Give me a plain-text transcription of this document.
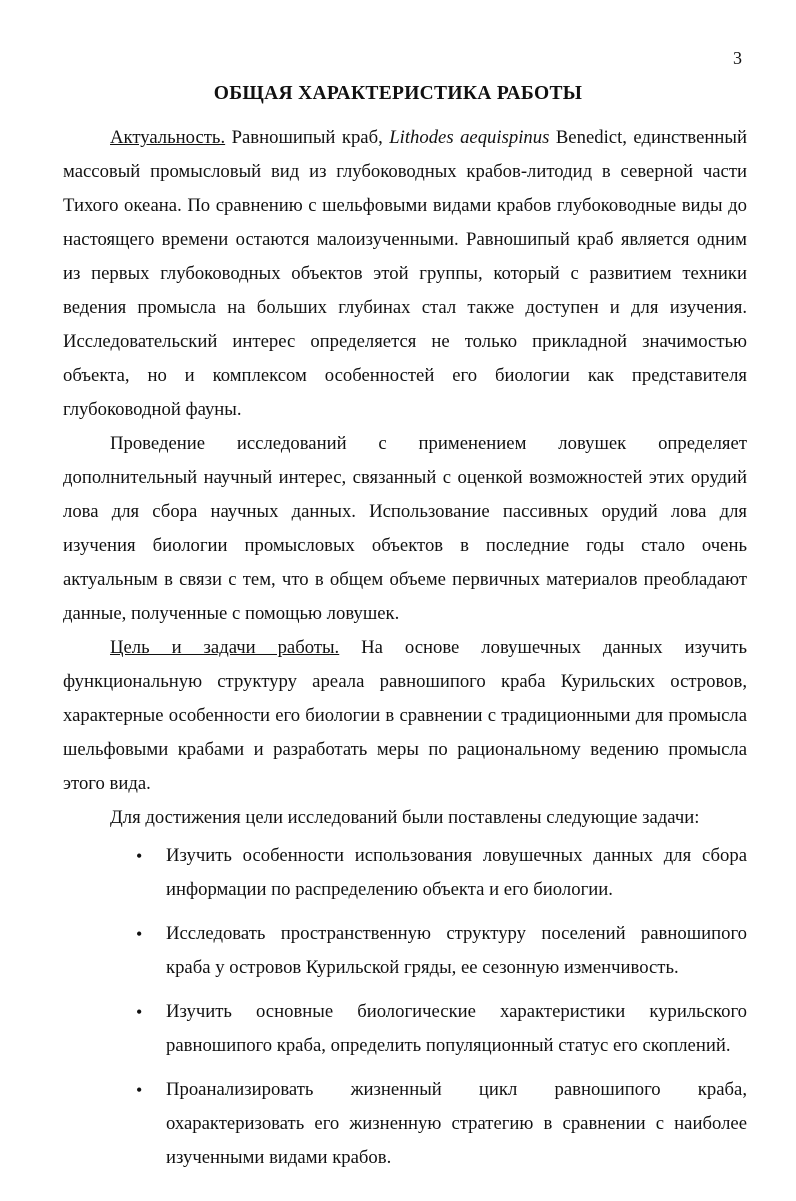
3
ОБЩАЯ ХАРАКТЕРИСТИКА РАБОТЫ

Актуальность. Равношипый краб, Lithodes aequispinus Benedict, единственный массовый промысловый вид из глубоководных крабов-литодид в северной части Тихого океана. По сравнению с шельфовыми видами крабов глубоководные виды до настоящего времени остаются малоизученными. Равношипый краб является одним из первых глубоководных объектов этой группы, который с развитием техники ведения промысла на больших глубинах стал также доступен и для изучения. Исследовательский интерес определяется не только прикладной значимостью объекта, но и комплексом особенностей его биологии как представителя глубоководной фауны.

Проведение исследований с применением ловушек определяет дополнительный научный интерес, связанный с оценкой возможностей этих орудий лова для сбора научных данных. Использование пассивных орудий лова для изучения биологии промысловых объектов в последние годы стало очень актуальным в связи с тем, что в общем объеме первичных материалов преобладают данные, полученные с помощью ловушек.

Цель и задачи работы. На основе ловушечных данных изучить функциональную структуру ареала равношипого краба Курильских островов, характерные особенности его биологии в сравнении с традиционными для промысла шельфовыми крабами и разработать меры по рациональному ведению промысла этого вида.

Для достижения цели исследований были поставлены следующие задачи:

• Изучить особенности использования ловушечных данных для сбора информации по распределению объекта и его биологии.
• Исследовать пространственную структуру поселений равношипого краба у островов Курильской гряды, ее сезонную изменчивость.
• Изучить основные биологические характеристики курильского равношипого краба, определить популяционный статус его скоплений.
• Проанализировать жизненный цикл равношипого краба, охарактеризовать его жизненную стратегию в сравнении с наиболее изученными видами крабов.
